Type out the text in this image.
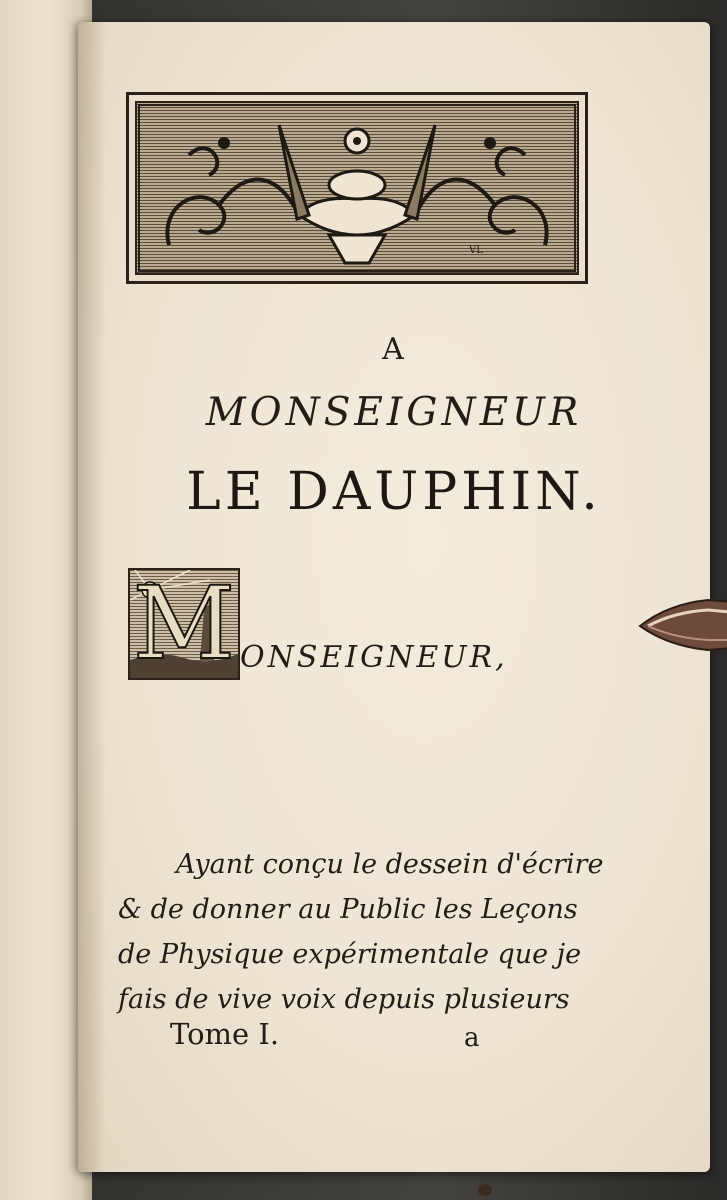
VL
A
MONSEIGNEUR
LE DAUPHIN.
M ONSEIGNEUR,
Ayant conçu le dessein d'écrire
& de donner au Public les Leçons
de Physique expérimentale que je
fais de vive voix depuis plusieurs
Tome I.	a
